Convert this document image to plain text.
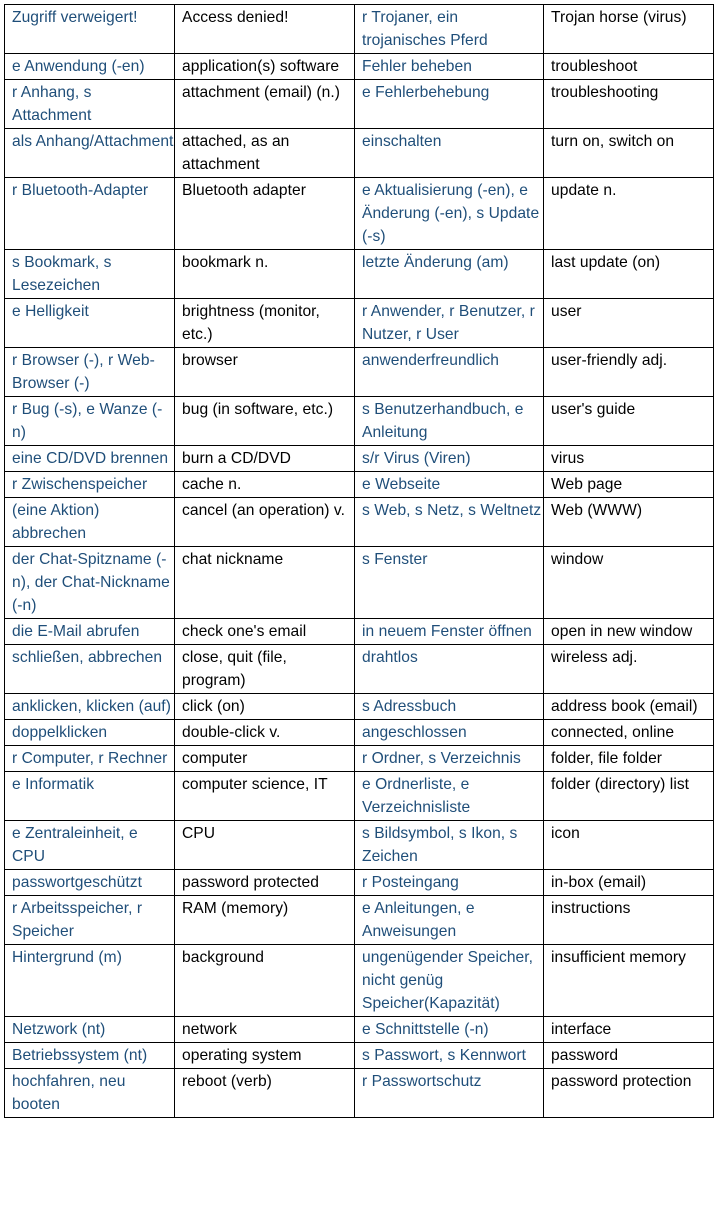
Zugriff verweigert!	Access denied!	r Trojaner, ein trojanisches Pferd	Trojan horse (virus)
e Anwendung (-en)	application(s) software	Fehler beheben	troubleshoot
r Anhang, s Attachment	attachment (email) (n.)	e Fehlerbehebung	troubleshooting
als Anhang/Attachment	attached, as an attachment	einschalten	turn on, switch on
r Bluetooth-Adapter	Bluetooth adapter	e Aktualisierung (-en), e Änderung (-en), s Update (-s)	update n.
s Bookmark, s Lesezeichen	bookmark n.	letzte Änderung (am)	last update (on)
e Helligkeit	brightness (monitor, etc.)	r Anwender, r Benutzer, r Nutzer, r User	user
r Browser (-), r Web-Browser (-)	browser	anwenderfreundlich	user-friendly adj.
r Bug (-s), e Wanze (-n)	bug (in software, etc.)	s Benutzerhandbuch, e Anleitung	user's guide
eine CD/DVD brennen	burn a CD/DVD	s/r Virus (Viren)	virus
r Zwischenspeicher	cache n.	e Webseite	Web page
(eine Aktion) abbrechen	cancel (an operation) v.	s Web, s Netz, s Weltnetz	Web (WWW)
der Chat-Spitzname (-n), der Chat-Nickname (-n)	chat nickname	s Fenster	window
die E-Mail abrufen	check one's email	in neuem Fenster öffnen	open in new window
schließen, abbrechen	close, quit (file, program)	drahtlos	wireless adj.
anklicken, klicken (auf)	click (on)	s Adressbuch	address book (email)
doppelklicken	double-click v.	angeschlossen	connected, online
r Computer, r Rechner	computer	r Ordner, s Verzeichnis	folder, file folder
e Informatik	computer science, IT	e Ordnerliste, e Verzeichnisliste	folder (directory) list
e Zentraleinheit, e CPU	CPU	s Bildsymbol, s Ikon, s Zeichen	icon
passwortgeschützt	password protected	r Posteingang	in-box (email)
r Arbeitsspeicher, r Speicher	RAM (memory)	e Anleitungen, e Anweisungen	instructions
Hintergrund (m)	background	ungenügender Speicher, nicht genüg Speicher(Kapazität)	insufficient memory
Netzwork (nt)	network	e Schnittstelle (-n)	interface
Betriebssystem (nt)	operating system	s Passwort, s Kennwort	password
hochfahren, neu booten	reboot (verb)	r Passwortschutz	password protection
